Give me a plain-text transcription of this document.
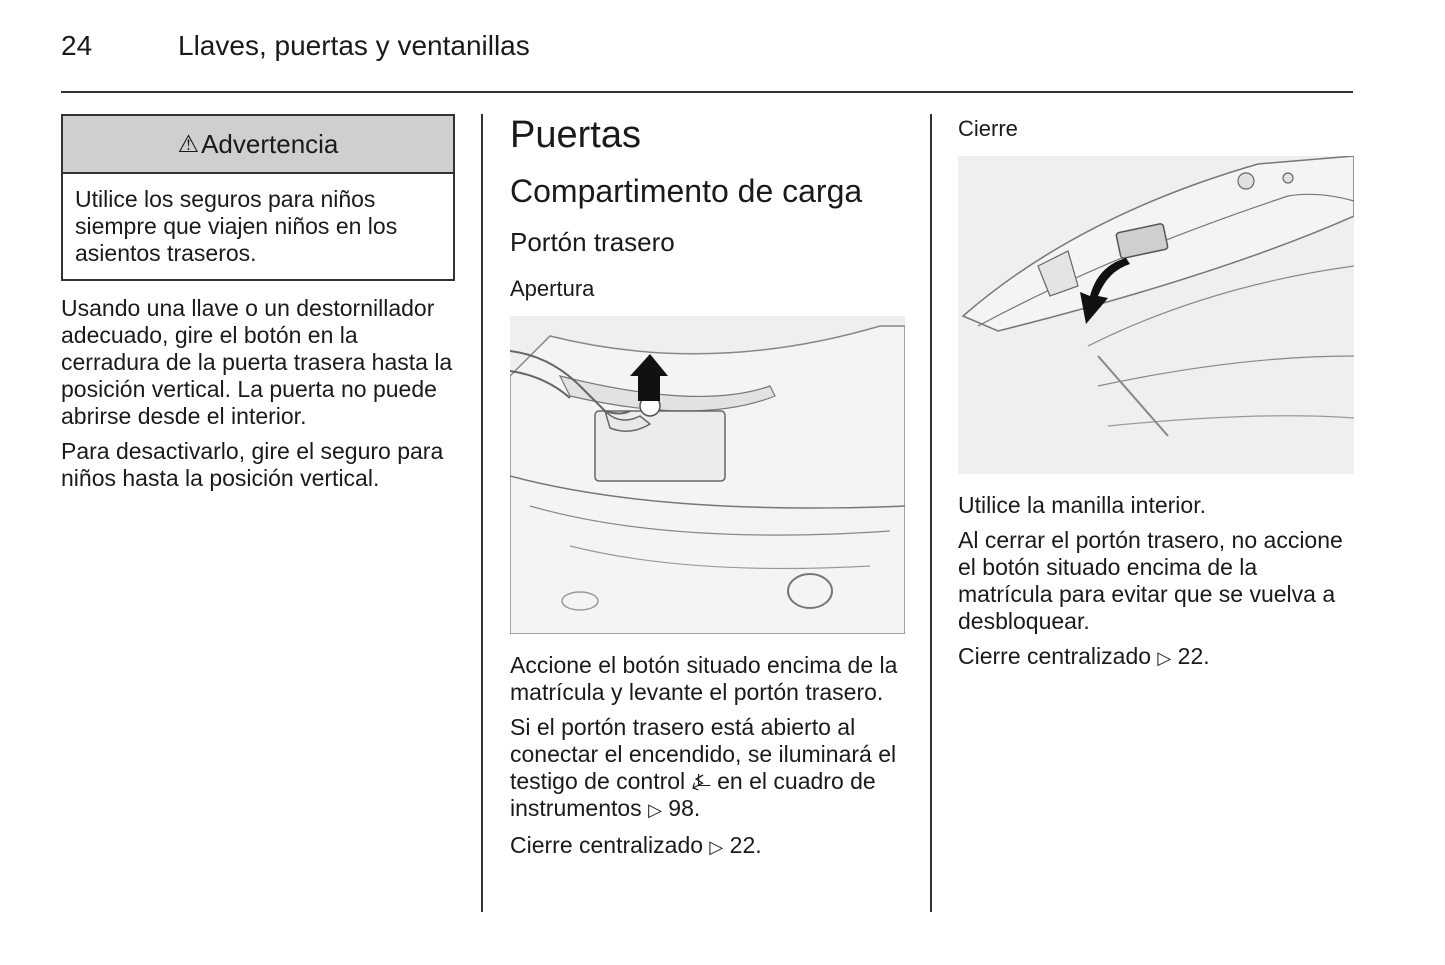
24	Llaves, puertas y ventanillas
⚠ Advertencia
Utilice los seguros para niños siempre que viajen niños en los asientos traseros.

Usando una llave o un destornillador adecuado, gire el botón en la cerradura de la puerta trasera hasta la posición vertical. La puerta no puede abrirse desde el interior.

Para desactivarlo, gire el seguro para niños hasta la posición vertical.

Puertas
Compartimento de carga
Portón trasero
Apertura

Accione el botón situado encima de la matrícula y levante el portón trasero.

Si el portón trasero está abierto al conectar el encendido, se iluminará el testigo de control ⍼ en el cuadro de instrumentos ▷ 98.

Cierre centralizado ▷ 22.

Cierre

Utilice la manilla interior.

Al cerrar el portón trasero, no accione el botón situado encima de la matrícula para evitar que se vuelva a desbloquear.

Cierre centralizado ▷ 22.
